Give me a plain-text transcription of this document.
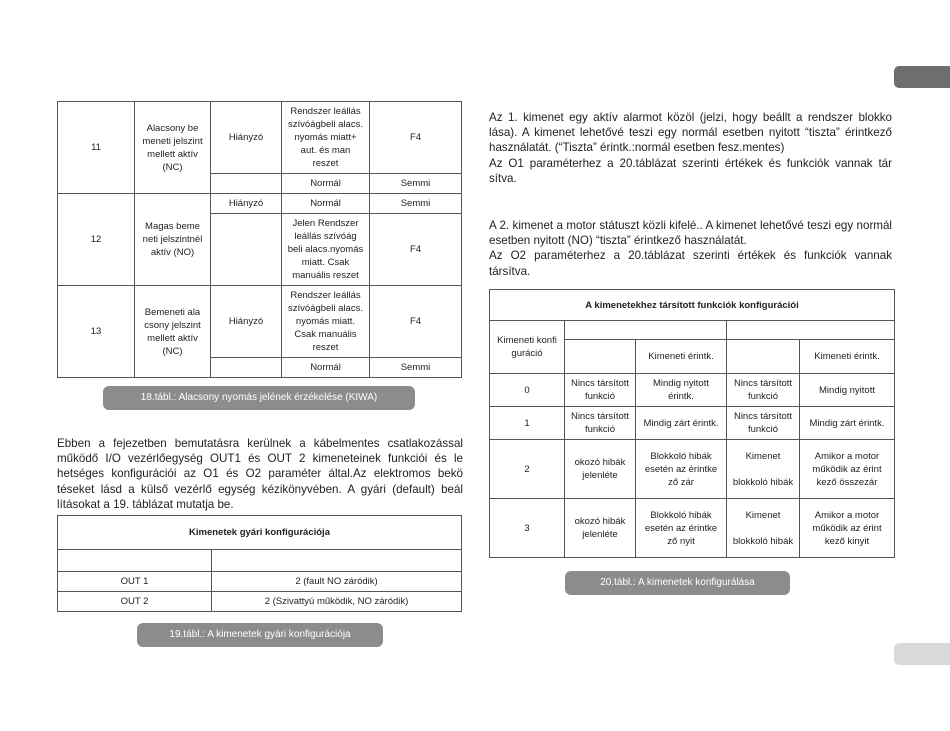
11	Alacsony be
meneti jelszint
mellett aktív
(NC)	Hiányzó	Rendszer leállás
szívóágbeli alacs.
nyomás miatt+
aut. és man
reszet	F4
			Normál	Semmi
12	Magas beme
neti jelszintnél
aktív (NO)	Hiányzó	Normál	Semmi
			Jelen Rendszer
leállás szívóág
beli alacs.nyomás
miatt. Csak
manuális reszet	F4
13	Bemeneti ala
csony jelszint
mellett aktív
(NC)	Hiányzó	Rendszer leállás
szívóágbeli alacs.
nyomás miatt.
Csak manuális
reszet	F4
			Normál	Semmi
18.tábl.: Alacsony nyomás jelének érzékelése (KIWA)

Ebben a fejezetben bemutatásra kerülnek a kábelmentes csatlakozással működő I/O vezérlőegység OUT1 és OUT 2 kimeneteinek funkciói és le hetséges konfigurációi az O1 és O2 paraméter által.Az elektromos bekö téseket lásd a külső vezérlő egység kézikönyvében. A gyári (default) beál lításokat a 19. táblázat mutatja be.

Kimenetek gyári konfigurációja	

OUT 1	2 (fault NO záródik)
OUT 2	2 (Szivattyú működik, NO záródik)
19.tábl.: A kimenetek gyári konfigurációja

Az 1. kimenet egy aktív alarmot közöl (jelzi, hogy beállt a rendszer blokko lása). A kimenet lehetővé teszi egy normál esetben nyitott “tiszta” érintkező használatát. (“Tiszta” érintk.:normál esetben fesz.mentes)

Az O1 paraméterhez a 20.táblázat szerinti értékek és funkciók vannak tár sítva.

A 2. kimenet a motor státuszt közli kifelé.. A kimenet lehetővé teszi egy normál esetben nyitott (NO) “tiszta” érintkező használatát.

Az O2 paraméterhez a 20.táblázat szerinti értékek és funkciók vannak társítva.

A kimenetekhez társított funkciók konfigurációi				
Kimeneti konfi
guráció				
		Kimeneti érintk.		Kimeneti érintk.
0	Nincs társított
funkció	Mindig nyitott
érintk.	Nincs társított
funkció	Mindig nyitott
1	Nincs társított
funkció	Mindig zárt érintk.	Nincs társított
funkció	Mindig zárt érintk.
2	okozó hibák
jelenléte	Blokkoló hibák
esetén az érintke
ző zár	Kimenet

blokkoló hibák	Amikor a motor
működik az érint
kező összezár
3	okozó hibák
jelenléte	Blokkoló hibák
esetén az érintke
ző nyit	Kimenet

blokkoló hibák	Amikor a motor
működik az érint
kező kinyit
20.tábl.: A kimenetek konfigurálása
